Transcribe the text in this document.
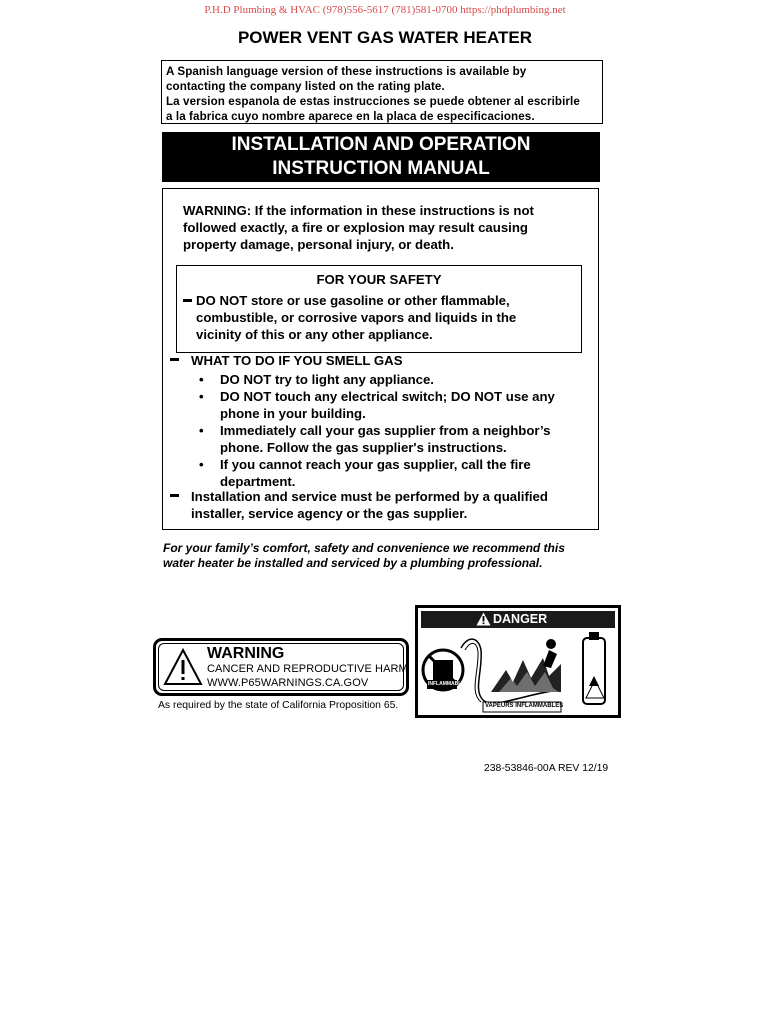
P.H.D Plumbing & HVAC (978)556-5617 (781)581-0700 https://phdplumbing.net
POWER VENT GAS WATER HEATER
A Spanish language version of these instructions is available by
contacting the company listed on the rating plate.
La version espanola de estas instrucciones se puede obtener al escribirle
a la fabrica cuyo nombre aparece en la placa de especificaciones.
INSTALLATION AND OPERATION
INSTRUCTION MANUAL
WARNING: If the information in these instructions is not
followed exactly, a fire or explosion may result causing
property damage, personal injury, or death.
FOR YOUR SAFETY
DO NOT store or use gasoline or other flammable,
combustible, or corrosive vapors and liquids in the
vicinity of this or any other appliance.
WHAT TO DO IF YOU SMELL GAS
• DO NOT try to light any appliance.
• DO NOT touch any electrical switch; DO NOT use any
phone in your building.
• Immediately call your gas supplier from a neighbor’s
phone. Follow the gas supplier's instructions.
• If you cannot reach your gas supplier, call the fire
department.
Installation and service must be performed by a qualified
installer, service agency or the gas supplier.
For your family’s comfort, safety and convenience we recommend this
water heater be installed and serviced by a plumbing professional.
WARNING
CANCER AND REPRODUCTIVE HARM
WWW.P65WARNINGS.CA.GOV
As required by the state of California Proposition 65.
DANGER
INFLAMMABLE
VAPEURS INFLAMMABLES
238-53846-00A REV 12/19
